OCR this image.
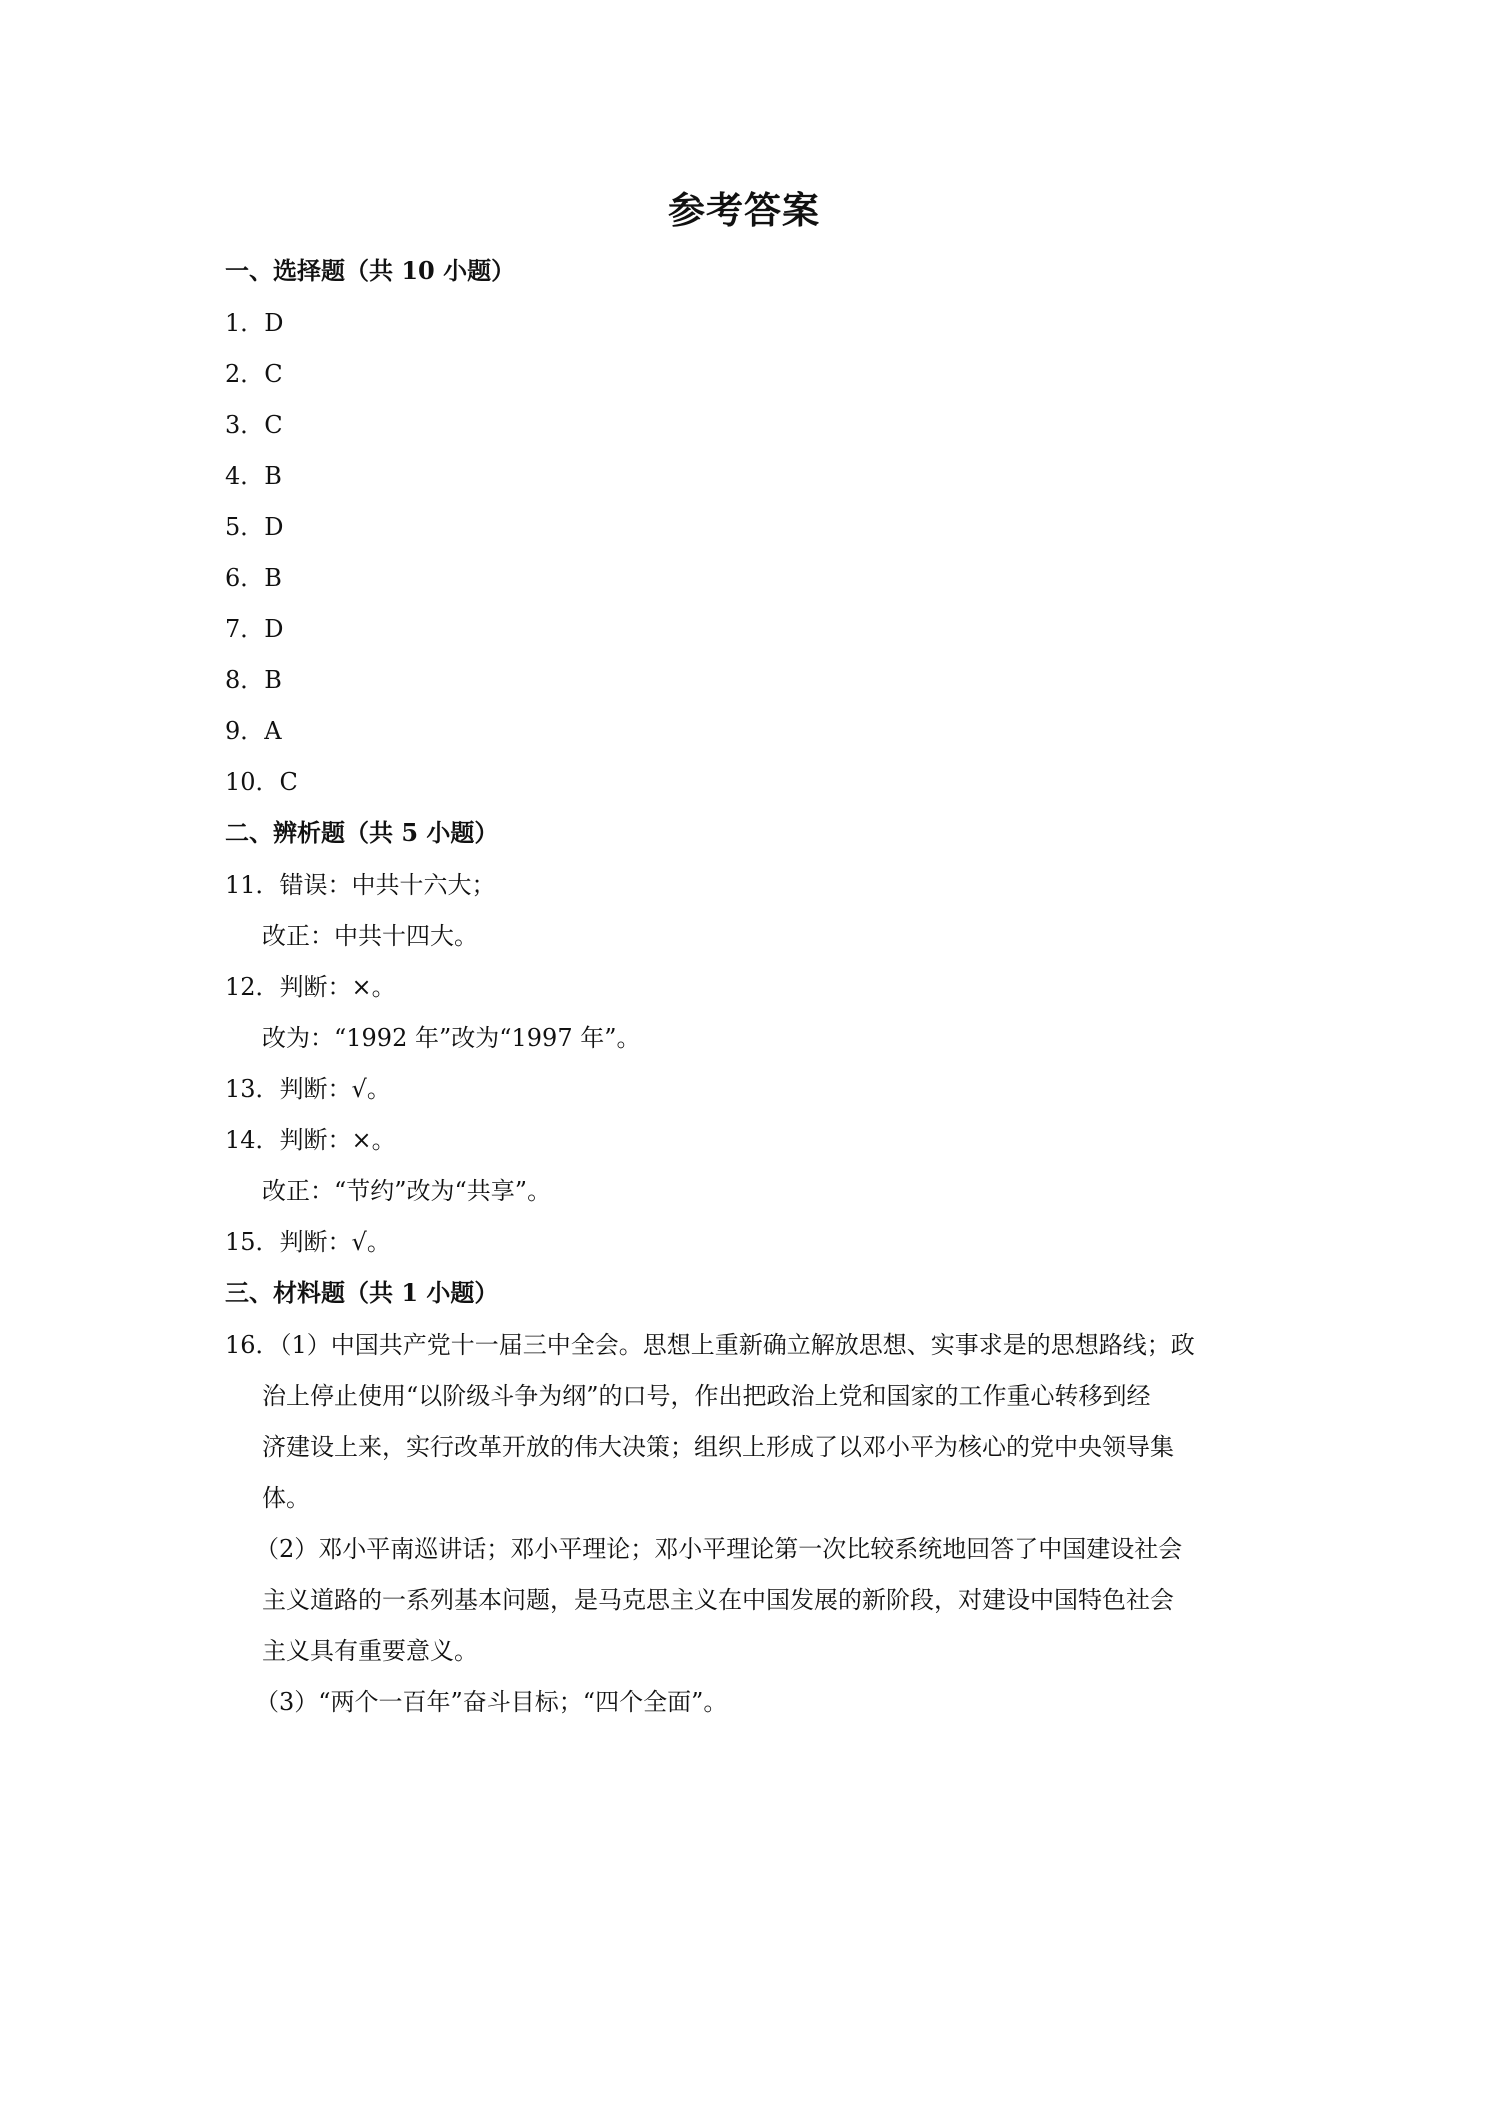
参考答案
一、选择题（共 10 小题）
1．D
2．C
3．C
4．B
5．D
6．B
7．D
8．B
9．A
10．C
二、辨析题（共 5 小题）
11．错误：中共十六大；
改正：中共十四大。
12．判断：×。
改为：“1992 年”改为“1997 年”。
13．判断：√。
14．判断：×。
改正：“节约”改为“共享”。
15．判断：√。
三、材料题（共 1 小题）
16．（1）中国共产党十一届三中全会。思想上重新确立解放思想、实事求是的思想路线；政
治上停止使用“以阶级斗争为纲”的口号，作出把政治上党和国家的工作重心转移到经
济建设上来，实行改革开放的伟大决策；组织上形成了以邓小平为核心的党中央领导集
体。
（2）邓小平南巡讲话；邓小平理论；邓小平理论第一次比较系统地回答了中国建设社会
主义道路的一系列基本问题，是马克思主义在中国发展的新阶段，对建设中国特色社会
主义具有重要意义。
（3）“两个一百年”奋斗目标；“四个全面”。
